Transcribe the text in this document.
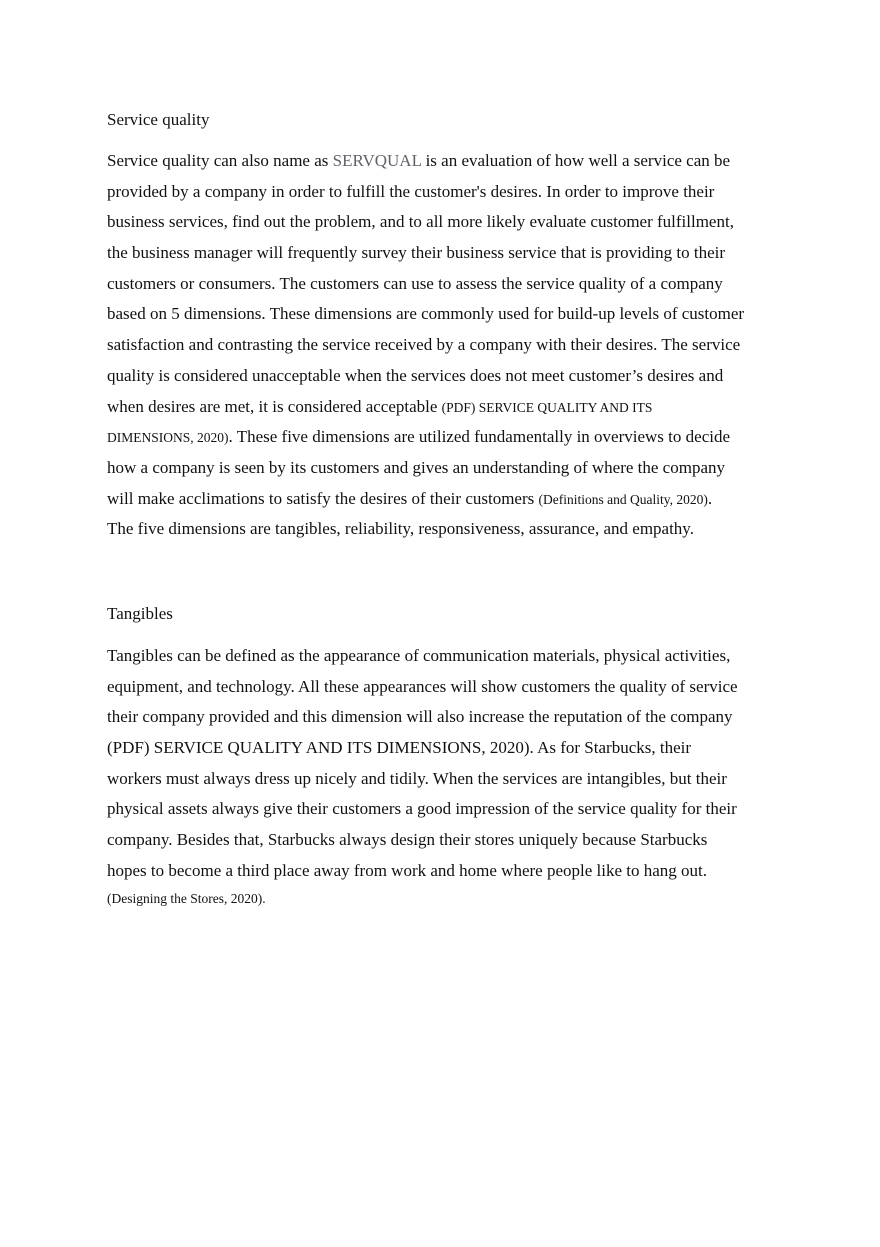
Service quality
Service quality can also name as SERVQUAL is an evaluation of how well a service can be
provided by a company in order to fulfill the customer's desires. In order to improve their
business services, find out the problem, and to all more likely evaluate customer fulfillment,
the business manager will frequently survey their business service that is providing to their
customers or consumers. The customers can use to assess the service quality of a company
based on 5 dimensions. These dimensions are commonly used for build-up levels of customer
satisfaction and contrasting the service received by a company with their desires. The service
quality is considered unacceptable when the services does not meet customer’s desires and
when desires are met, it is considered acceptable (PDF) SERVICE QUALITY AND ITS
DIMENSIONS, 2020). These five dimensions are utilized fundamentally in overviews to decide
how a company is seen by its customers and gives an understanding of where the company
will make acclimations to satisfy the desires of their customers (Definitions and Quality, 2020).
The five dimensions are tangibles, reliability, responsiveness, assurance, and empathy.
Tangibles
Tangibles can be defined as the appearance of communication materials, physical activities,
equipment, and technology. All these appearances will show customers the quality of service
their company provided and this dimension will also increase the reputation of the company
(PDF) SERVICE QUALITY AND ITS DIMENSIONS, 2020). As for Starbucks, their
workers must always dress up nicely and tidily. When the services are intangibles, but their
physical assets always give their customers a good impression of the service quality for their
company. Besides that, Starbucks always design their stores uniquely because Starbucks
hopes to become a third place away from work and home where people like to hang out.
(Designing the Stores, 2020).
